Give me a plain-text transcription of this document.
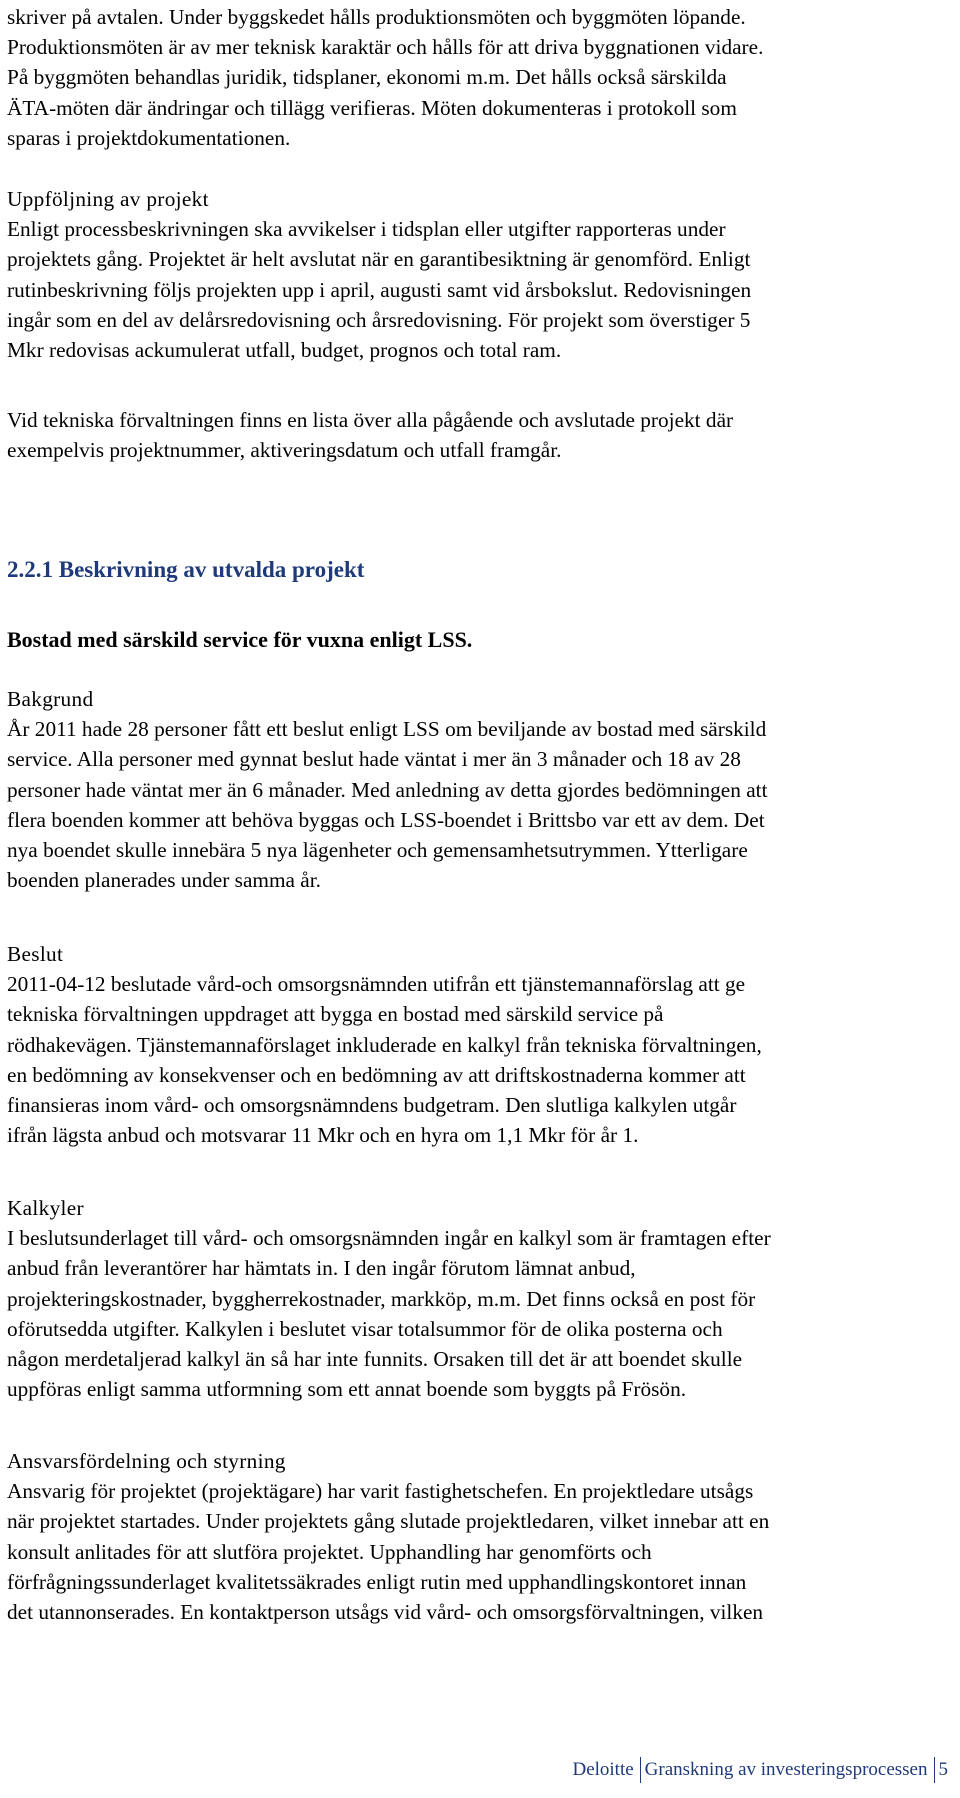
skriver på avtalen. Under byggskedet hålls produktionsmöten och byggmöten löpande.
Produktionsmöten är av mer teknisk karaktär och hålls för att driva byggnationen vidare.
På byggmöten behandlas juridik, tidsplaner, ekonomi m.m. Det hålls också särskilda
ÄTA-möten där ändringar och tillägg verifieras. Möten dokumenteras i protokoll som
sparas i projektdokumentationen.

Uppföljning av projekt

Enligt processbeskrivningen ska avvikelser i tidsplan eller utgifter rapporteras under
projektets gång. Projektet är helt avslutat när en garantibesiktning är genomförd. Enligt
rutinbeskrivning följs projekten upp i april, augusti samt vid årsbokslut. Redovisningen
ingår som en del av delårsredovisning och årsredovisning. För projekt som överstiger 5
Mkr redovisas ackumulerat utfall, budget, prognos och total ram.

Vid tekniska förvaltningen finns en lista över alla pågående och avslutade projekt där
exempelvis projektnummer, aktiveringsdatum och utfall framgår.

2.2.1 Beskrivning av utvalda projekt
Bostad med särskild service för vuxna enligt LSS.
Bakgrund

År 2011 hade 28 personer fått ett beslut enligt LSS om beviljande av bostad med särskild
service. Alla personer med gynnat beslut hade väntat i mer än 3 månader och 18 av 28
personer hade väntat mer än 6 månader. Med anledning av detta gjordes bedömningen att
flera boenden kommer att behöva byggas och LSS-boendet i Brittsbo var ett av dem. Det
nya boendet skulle innebära 5 nya lägenheter och gemensamhetsutrymmen. Ytterligare
boenden planerades under samma år.

Beslut

2011-04-12 beslutade vård-och omsorgsnämnden utifrån ett tjänstemannaförslag att ge
tekniska förvaltningen uppdraget att bygga en bostad med särskild service på
rödhakevägen. Tjänstemannaförslaget inkluderade en kalkyl från tekniska förvaltningen,
en bedömning av konsekvenser och en bedömning av att driftskostnaderna kommer att
finansieras inom vård- och omsorgsnämndens budgetram. Den slutliga kalkylen utgår
ifrån lägsta anbud och motsvarar 11 Mkr och en hyra om 1,1 Mkr för år 1.

Kalkyler

I beslutsunderlaget till vård- och omsorgsnämnden ingår en kalkyl som är framtagen efter
anbud från leverantörer har hämtats in. I den ingår förutom lämnat anbud,
projekteringskostnader, byggherrekostnader, markköp, m.m. Det finns också en post för
oförutsedda utgifter. Kalkylen i beslutet visar totalsummor för de olika posterna och
någon merdetaljerad kalkyl än så har inte funnits. Orsaken till det är att boendet skulle
uppföras enligt samma utformning som ett annat boende som byggts på Frösön.

Ansvarsfördelning och styrning

Ansvarig för projektet (projektägare) har varit fastighetschefen. En projektledare utsågs
när projektet startades. Under projektets gång slutade projektledaren, vilket innebar att en
konsult anlitades för att slutföra projektet. Upphandling har genomförts och
förfrågningssunderlaget kvalitetssäkrades enligt rutin med upphandlingskontoret innan
det utannonserades. En kontaktperson utsågs vid vård- och omsorgsförvaltningen, vilken

Deloitte Granskning av investeringsprocessen 5
